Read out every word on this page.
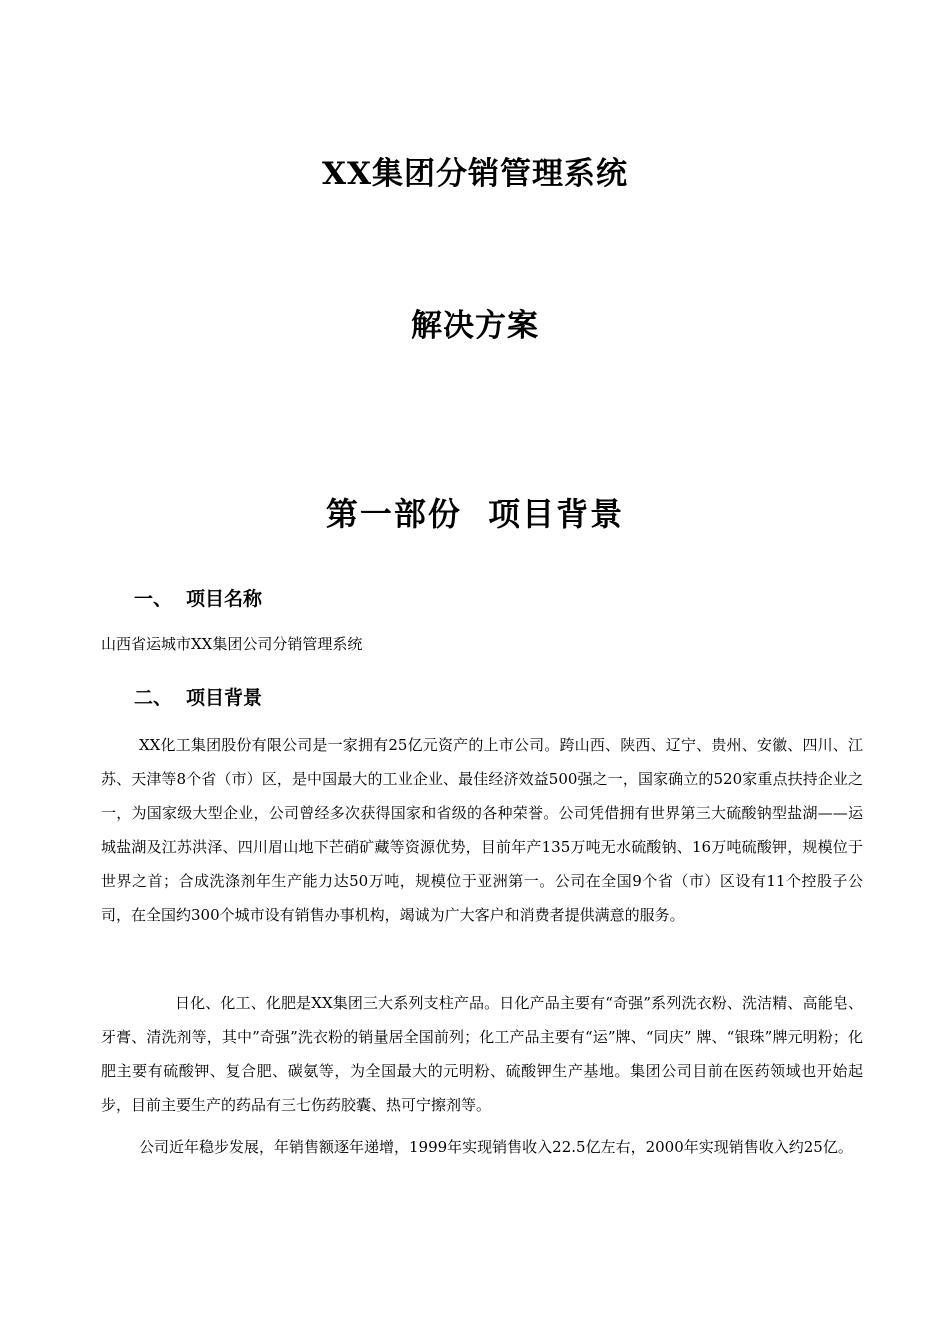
XX集团分销管理系统
解决方案
第一部份  项目背景
一、 项目名称

山西省运城市XX集团公司分销管理系统

二、 项目背景

XX化工集团股份有限公司是一家拥有25亿元资产的上市公司。跨山西、陕西、辽宁、贵州、安徽、四川、江苏、天津等8个省（市）区，是中国最大的工业企业、最佳经济效益500强之一，国家确立的520家重点扶持企业之一，为国家级大型企业，公司曾经多次获得国家和省级的各种荣誉。公司凭借拥有世界第三大硫酸钠型盐湖——运城盐湖及江苏洪泽、四川眉山地下芒硝矿藏等资源优势，目前年产135万吨无水硫酸钠、16万吨硫酸钾，规模位于世界之首；合成洗涤剂年生产能力达50万吨，规模位于亚洲第一。公司在全国9个省（市）区设有11个控股子公司，在全国约300个城市设有销售办事机构，竭诚为广大客户和消费者提供满意的服务。

日化、化工、化肥是XX集团三大系列支柱产品。日化产品主要有“奇强”系列洗衣粉、洗洁精、高能皂、牙膏、清洗剂等，其中”奇强”洗衣粉的销量居全国前列；化工产品主要有“运”牌、“同庆” 牌、“银珠”牌元明粉；化肥主要有硫酸钾、复合肥、碳氨等，为全国最大的元明粉、硫酸钾生产基地。集团公司目前在医药领域也开始起步，目前主要生产的药品有三七伤药胶囊、热可宁擦剂等。

公司近年稳步发展，年销售额逐年递增，1999年实现销售收入22.5亿左右，2000年实现销售收入约25亿。
